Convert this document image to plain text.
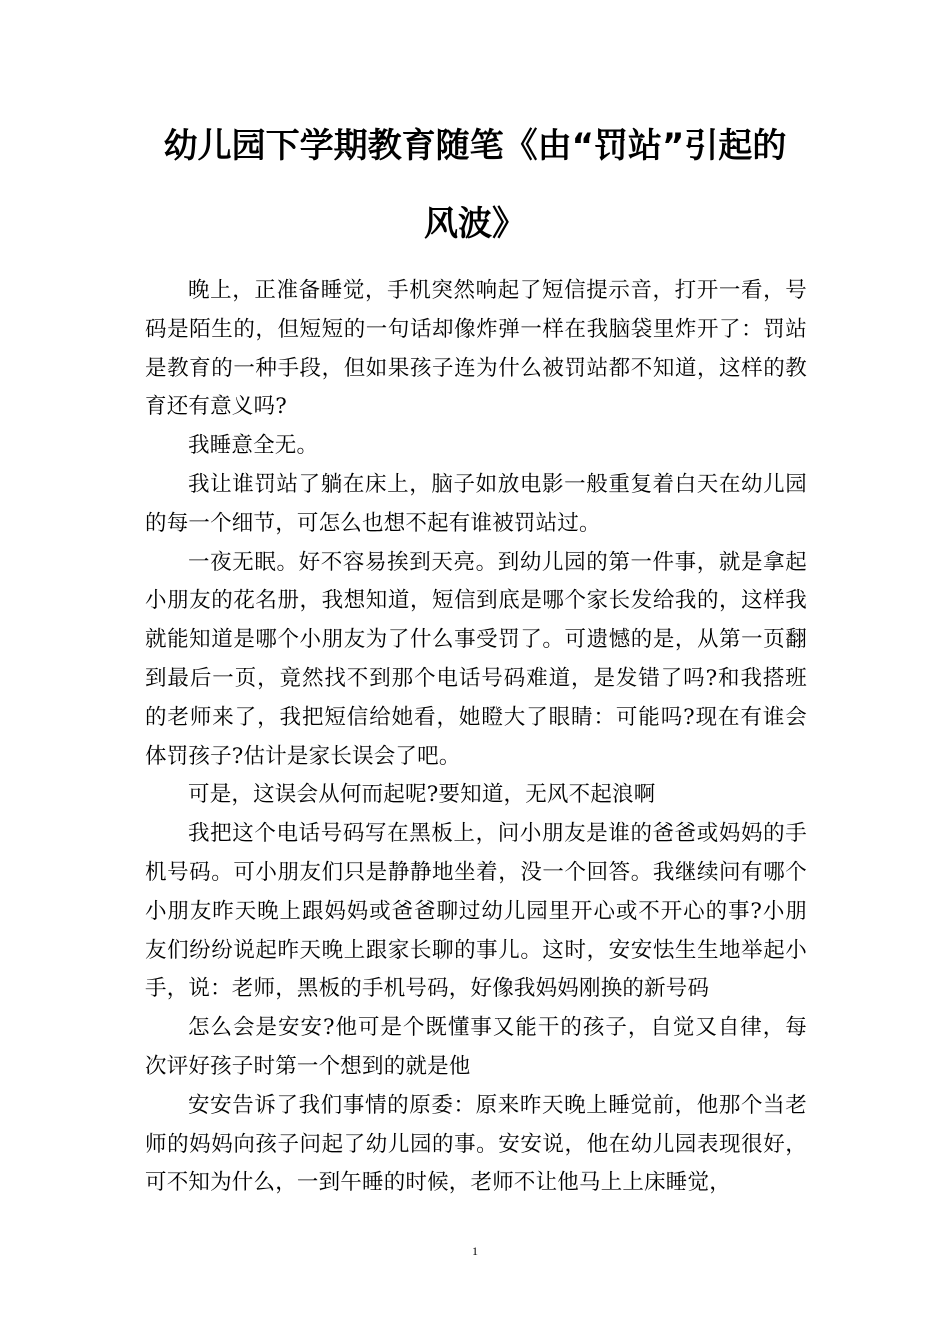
幼儿园下学期教育随笔《由“罚站”引起的
风波》

晚上，正准备睡觉，手机突然响起了短信提示音，打开一看，号码是陌生的，但短短的一句话却像炸弹一样在我脑袋里炸开了：罚站是教育的一种手段，但如果孩子连为什么被罚站都不知道，这样的教育还有意义吗?

我睡意全无。

我让谁罚站了躺在床上，脑子如放电影一般重复着白天在幼儿园的每一个细节，可怎么也想不起有谁被罚站过。

一夜无眠。好不容易挨到天亮。到幼儿园的第一件事，就是拿起小朋友的花名册，我想知道，短信到底是哪个家长发给我的，这样我就能知道是哪个小朋友为了什么事受罚了。可遗憾的是，从第一页翻到最后一页，竟然找不到那个电话号码难道，是发错了吗?和我搭班的老师来了，我把短信给她看，她瞪大了眼睛：可能吗?现在有谁会体罚孩子?估计是家长误会了吧。

可是，这误会从何而起呢?要知道，无风不起浪啊

我把这个电话号码写在黑板上，问小朋友是谁的爸爸或妈妈的手机号码。可小朋友们只是静静地坐着，没一个回答。我继续问有哪个小朋友昨天晚上跟妈妈或爸爸聊过幼儿园里开心或不开心的事?小朋友们纷纷说起昨天晚上跟家长聊的事儿。这时，安安怯生生地举起小手，说：老师，黑板的手机号码，好像我妈妈刚换的新号码

怎么会是安安?他可是个既懂事又能干的孩子，自觉又自律，每次评好孩子时第一个想到的就是他

安安告诉了我们事情的原委：原来昨天晚上睡觉前，他那个当老师的妈妈向孩子问起了幼儿园的事。安安说，他在幼儿园表现很好，可不知为什么，一到午睡的时候，老师不让他马上上床睡觉，

1
